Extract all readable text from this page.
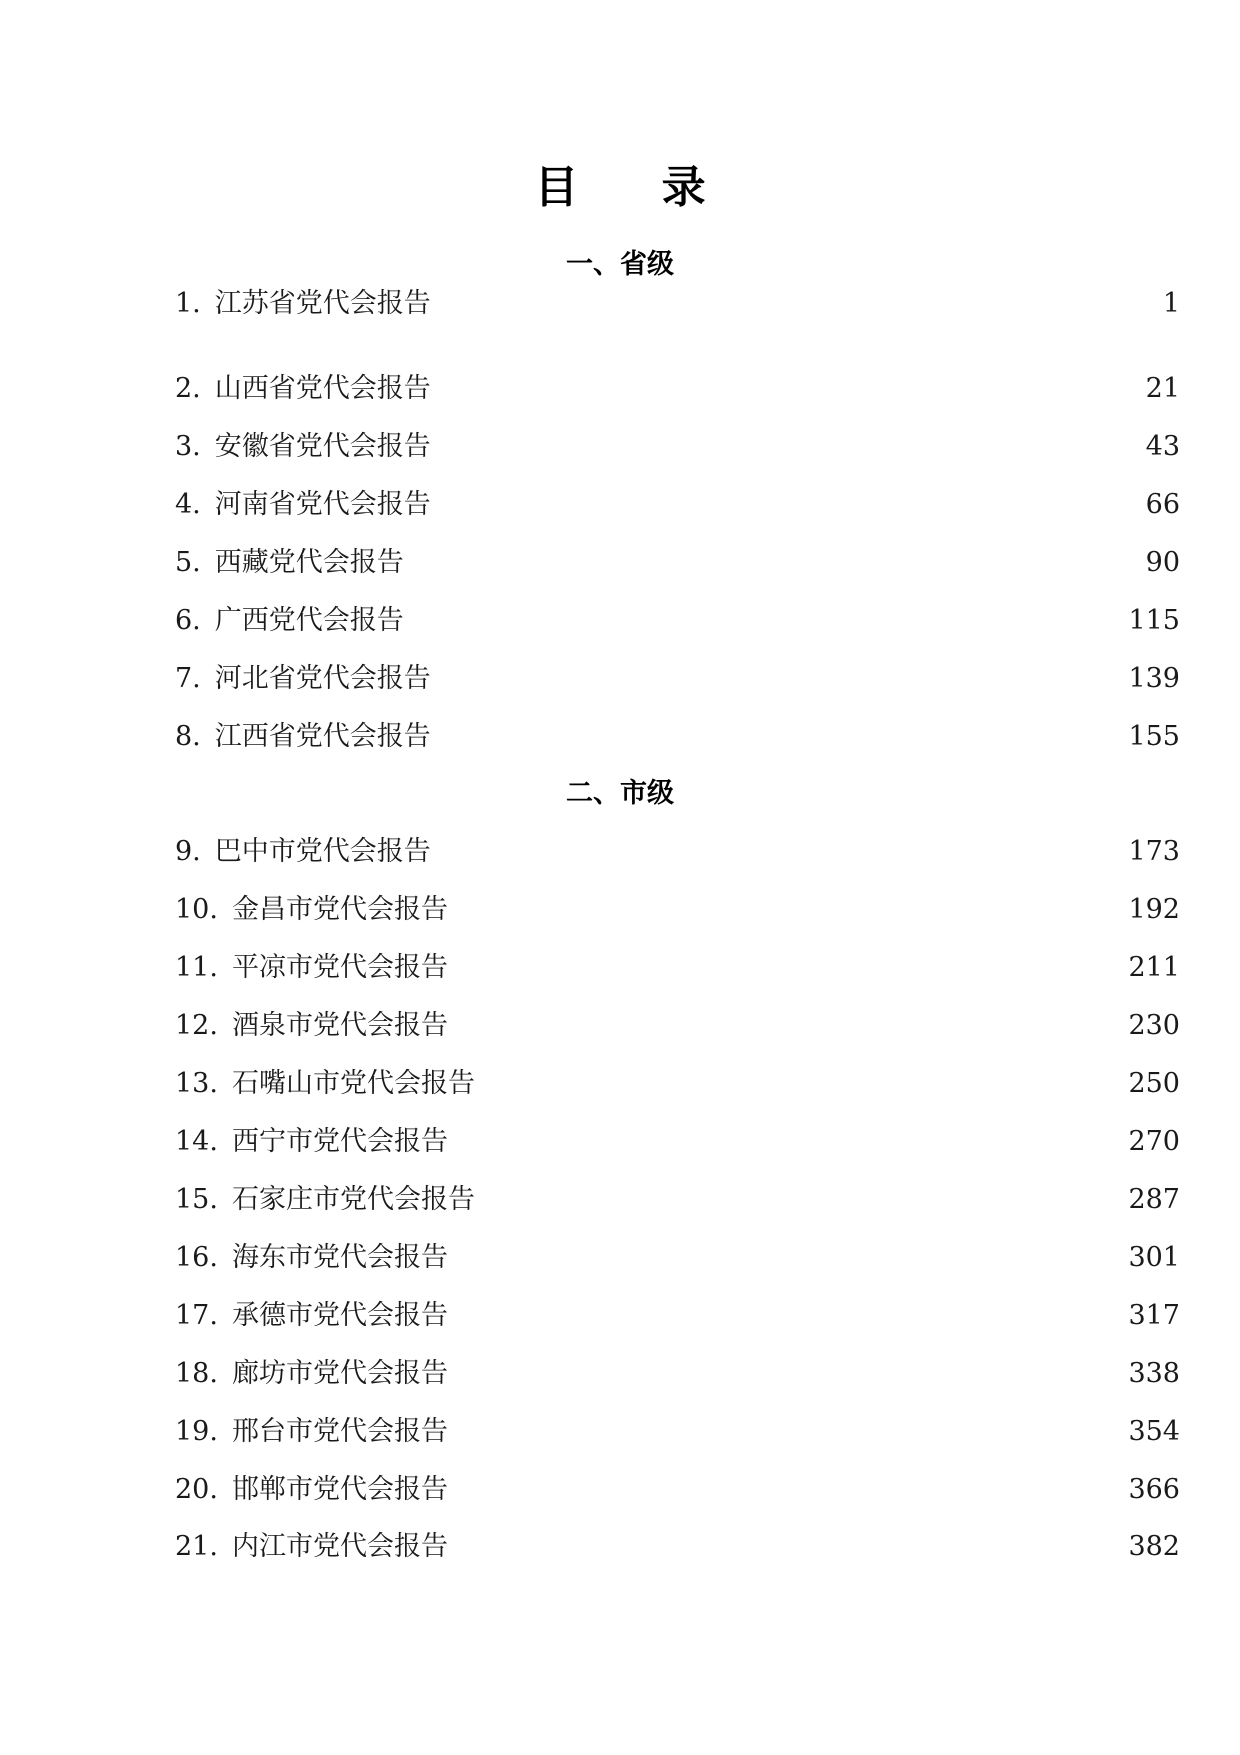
目 录
一、省级
1. 江苏省党代会报告	1
2. 山西省党代会报告	21
3. 安徽省党代会报告	43
4. 河南省党代会报告	66
5. 西藏党代会报告	90
6. 广西党代会报告	115
7. 河北省党代会报告	139
8. 江西省党代会报告	155
二、市级
9. 巴中市党代会报告	173
10. 金昌市党代会报告	192
11. 平凉市党代会报告	211
12. 酒泉市党代会报告	230
13. 石嘴山市党代会报告	250
14. 西宁市党代会报告	270
15. 石家庄市党代会报告	287
16. 海东市党代会报告	301
17. 承德市党代会报告	317
18. 廊坊市党代会报告	338
19. 邢台市党代会报告	354
20. 邯郸市党代会报告	366
21. 内江市党代会报告	382
